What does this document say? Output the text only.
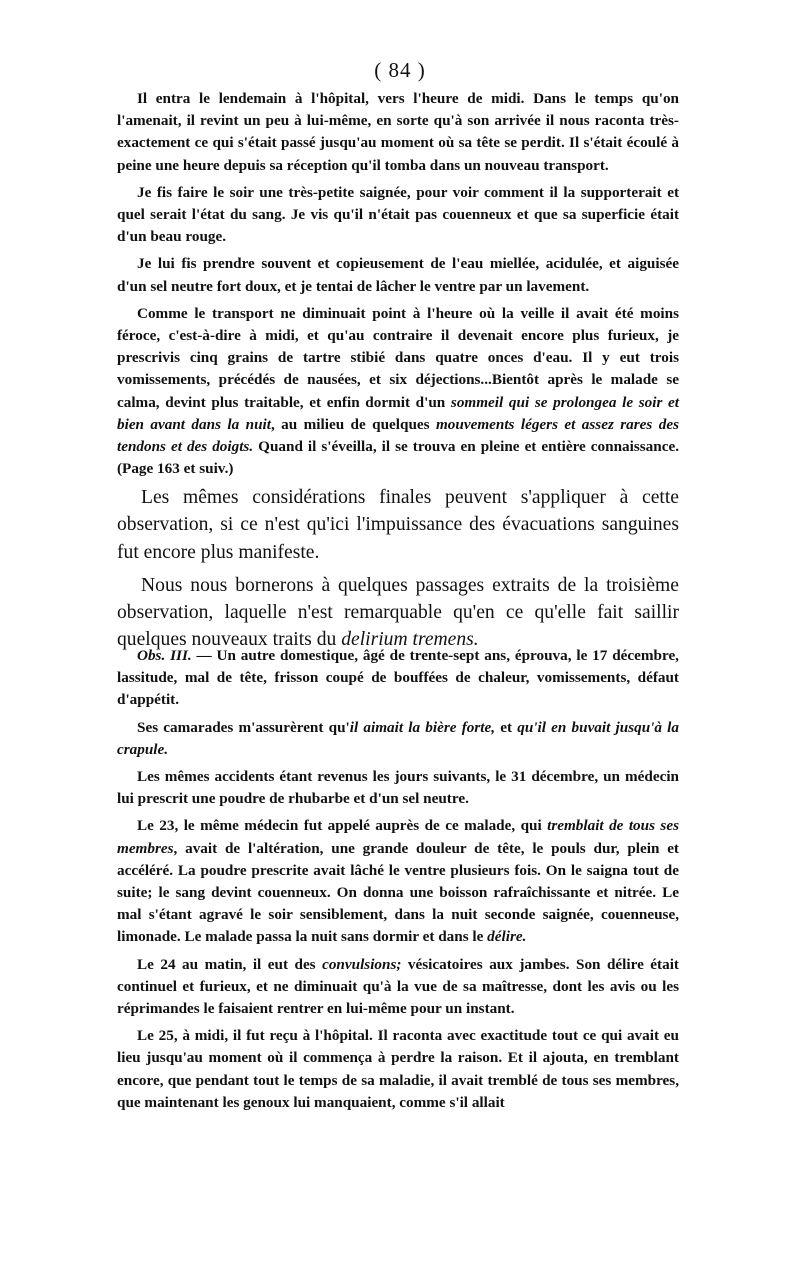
( 84 )

Il entra le lendemain à l'hôpital, vers l'heure de midi. Dans le temps qu'on l'amenait, il revint un peu à lui-même, en sorte qu'à son arrivée il nous raconta très-exactement ce qui s'était passé jusqu'au moment où sa tête se perdit. Il s'était écoulé à peine une heure depuis sa réception qu'il tomba dans un nouveau transport.

Je fis faire le soir une très-petite saignée, pour voir comment il la supporterait et quel serait l'état du sang. Je vis qu'il n'était pas couenneux et que sa superficie était d'un beau rouge.

Je lui fis prendre souvent et copieusement de l'eau miellée, acidulée, et aiguisée d'un sel neutre fort doux, et je tentai de lâcher le ventre par un lavement.

Comme le transport ne diminuait point à l'heure où la veille il avait été moins féroce, c'est-à-dire à midi, et qu'au contraire il devenait encore plus furieux, je prescrivis cinq grains de tartre stibié dans quatre onces d'eau. Il y eut trois vomissements, précédés de nausées, et six déjections...Bientôt après le malade se calma, devint plus traitable, et enfin dormit d'un sommeil qui se prolongea le soir et bien avant dans la nuit, au milieu de quelques mouvements légers et assez rares des tendons et des doigts. Quand il s'éveilla, il se trouva en pleine et entière connaissance. (Page 163 et suiv.)

Les mêmes considérations finales peuvent s'appliquer à cette observation, si ce n'est qu'ici l'impuissance des évacuations sanguines fut encore plus manifeste.

Nous nous bornerons à quelques passages extraits de la troisième observation, laquelle n'est remarquable qu'en ce qu'elle fait saillir quelques nouveaux traits du delirium tremens.

Obs. III. — Un autre domestique, âgé de trente-sept ans, éprouva, le 17 décembre, lassitude, mal de tête, frisson coupé de bouffées de chaleur, vomissements, défaut d'appétit.

Ses camarades m'assurèrent qu'il aimait la bière forte, et qu'il en buvait jusqu'à la crapule.

Les mêmes accidents étant revenus les jours suivants, le 31 décembre, un médecin lui prescrit une poudre de rhubarbe et d'un sel neutre.

Le 23, le même médecin fut appelé auprès de ce malade, qui tremblait de tous ses membres, avait de l'altération, une grande douleur de tête, le pouls dur, plein et accéléré. La poudre prescrite avait lâché le ventre plusieurs fois. On le saigna tout de suite; le sang devint couenneux. On donna une boisson rafraîchissante et nitrée. Le mal s'étant agravé le soir sensiblement, dans la nuit seconde saignée, couenneuse, limonade. Le malade passa la nuit sans dormir et dans le délire.

Le 24 au matin, il eut des convulsions; vésicatoires aux jambes. Son délire était continuel et furieux, et ne diminuait qu'à la vue de sa maîtresse, dont les avis ou les réprimandes le faisaient rentrer en lui-même pour un instant.

Le 25, à midi, il fut reçu à l'hôpital. Il raconta avec exactitude tout ce qui avait eu lieu jusqu'au moment où il commença à perdre la raison. Et il ajouta, en tremblant encore, que pendant tout le temps de sa maladie, il avait tremblé de tous ses membres, que maintenant les genoux lui manquaient, comme s'il allait
